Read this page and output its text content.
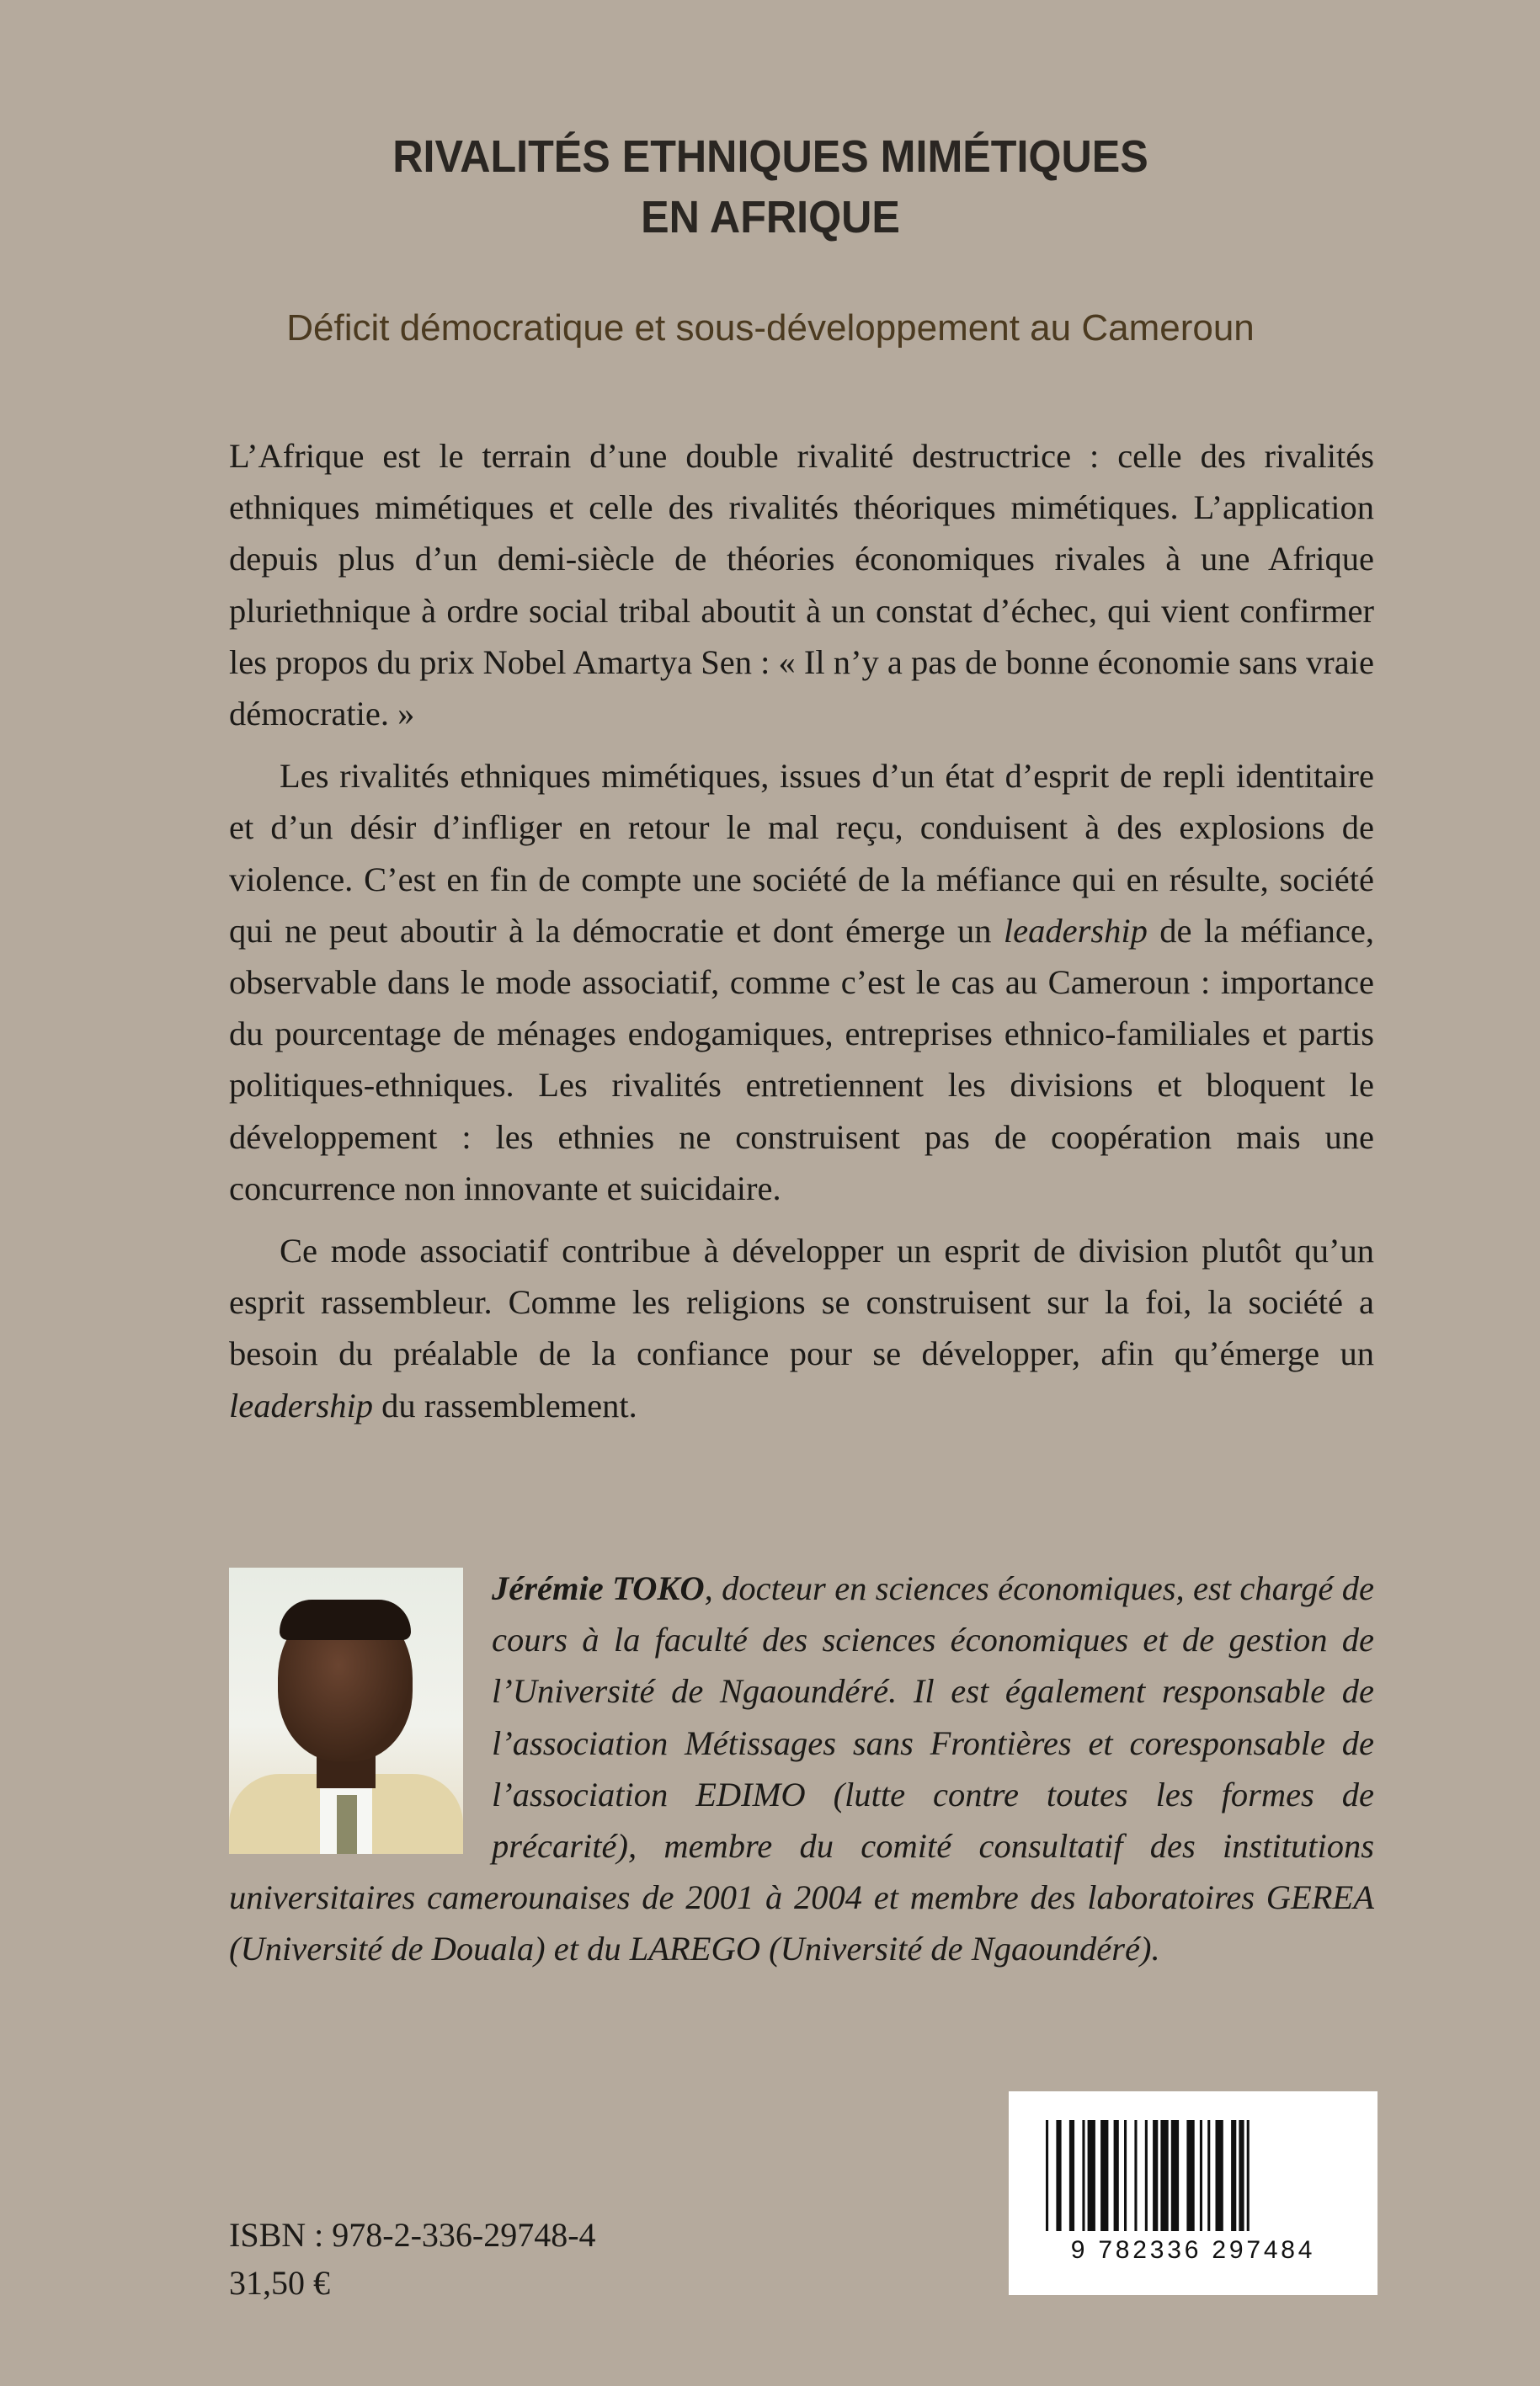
RIVALITÉS ETHNIQUES MIMÉTIQUES
EN AFRIQUE
Déficit démocratique et sous-développement au Cameroun

L’Afrique est le terrain d’une double rivalité destructrice : celle des rivalités ethniques mimétiques et celle des rivalités théoriques mimétiques. L’application depuis plus d’un demi-siècle de théories économiques rivales à une Afrique pluriethnique à ordre social tribal aboutit à un constat d’échec, qui vient confirmer les propos du prix Nobel Amartya Sen : « Il n’y a pas de bonne économie sans vraie démocratie. »

Les rivalités ethniques mimétiques, issues d’un état d’esprit de repli identitaire et d’un désir d’infliger en retour le mal reçu, conduisent à des explosions de violence. C’est en fin de compte une société de la méfiance qui en résulte, société qui ne peut aboutir à la démocratie et dont émerge un leadership de la méfiance, observable dans le mode associatif, comme c’est le cas au Cameroun : importance du pourcentage de ménages endogamiques, entreprises ethnico-familiales et partis politiques-ethniques. Les rivalités entretiennent les divisions et bloquent le développement : les ethnies ne construisent pas de coopération mais une concurrence non innovante et suicidaire.

Ce mode associatif contribue à développer un esprit de division plutôt qu’un esprit rassembleur. Comme les religions se construisent sur la foi, la société a besoin du préalable de la confiance pour se développer, afin qu’émerge un leadership du rassemblement.

Jérémie TOKO, docteur en sciences économiques, est chargé de cours à la faculté des sciences économiques et de gestion de l’Université de Ngaoundéré. Il est également responsable de l’association Métissages sans Frontières et coresponsable de l’association EDIMO (lutte contre toutes les formes de précarité), membre du comité consultatif des institutions universitaires camerounaises de 2001 à 2004 et membre des laboratoires GEREA (Université de Douala) et du LAREGO (Université de Ngaoundéré).
9 782336 297484
ISBN : 978-2-336-29748-4
31,50 €
